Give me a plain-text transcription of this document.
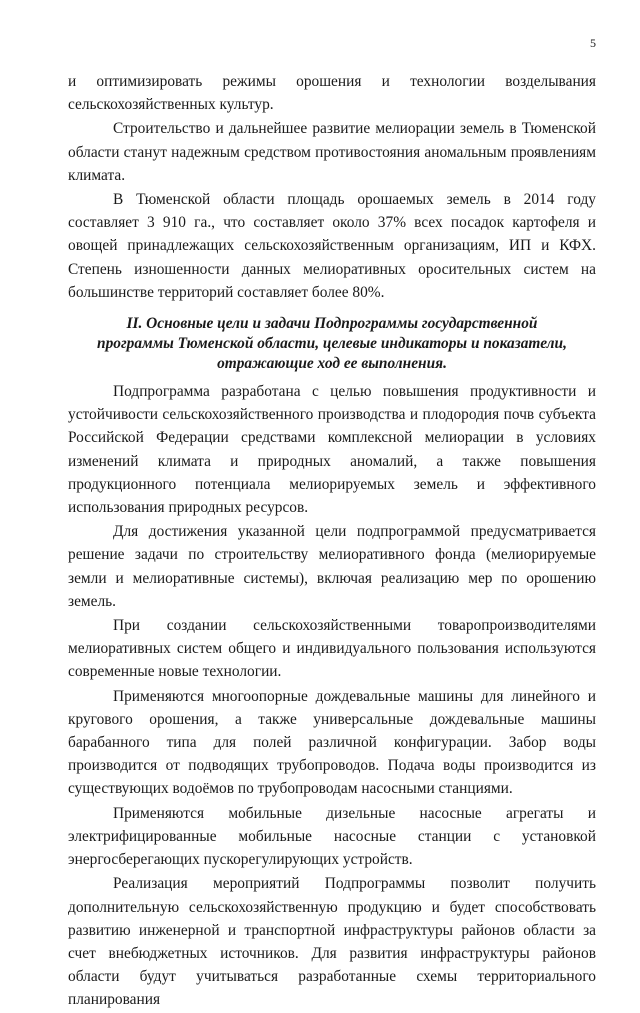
5

и оптимизировать режимы орошения и технологии возделывания сельскохозяйственных культур.

Строительство и дальнейшее развитие мелиорации земель в Тюменской области станут надежным средством противостояния аномальным проявлениям климата.

В Тюменской области площадь орошаемых земель в 2014 году составляет 3 910 га., что составляет около 37% всех посадок картофеля и овощей принадлежащих сельскохозяйственным организациям, ИП и КФХ. Степень изношенности данных мелиоративных оросительных систем на большинстве территорий составляет более 80%.

II. Основные цели и задачи Подпрограммы государственной программы Тюменской области, целевые индикаторы и показатели, отражающие ход ее выполнения.

Подпрограмма разработана с целью повышения продуктивности и устойчивости сельскохозяйственного производства и плодородия почв субъекта Российской Федерации средствами комплексной мелиорации в условиях изменений климата и природных аномалий, а также повышения продукционного потенциала мелиорируемых земель и эффективного использования природных ресурсов.

Для достижения указанной цели подпрограммой предусматривается решение задачи по строительству мелиоративного фонда (мелиорируемые земли и мелиоративные системы), включая реализацию мер по орошению земель.

При создании сельскохозяйственными товаропроизводителями мелиоративных систем общего и индивидуального пользования используются современные новые технологии.

Применяются многоопорные дождевальные машины для линейного и кругового орошения, а также универсальные дождевальные машины барабанного типа для полей различной конфигурации. Забор воды производится от подводящих трубопроводов. Подача воды производится из существующих водоёмов по трубопроводам насосными станциями.

Применяются мобильные дизельные насосные агрегаты и электрифицированные мобильные насосные станции с установкой энергосберегающих пускорегулирующих устройств.

Реализация мероприятий Подпрограммы позволит получить дополнительную сельскохозяйственную продукцию и будет способствовать развитию инженерной и транспортной инфраструктуры районов области за счет внебюджетных источников. Для развития инфраструктуры районов области будут учитываться разработанные схемы территориального планирования
